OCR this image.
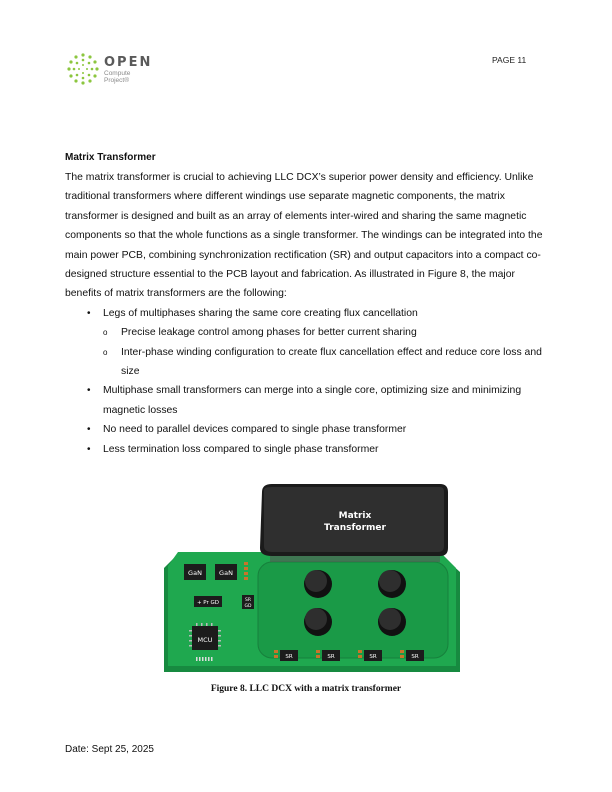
OPEN
Compute
Project®
PAGE 11
Matrix Transformer

The matrix transformer is crucial to achieving LLC DCX’s superior power density and efficiency. Unlike traditional transformers where different windings use separate magnetic components, the matrix transformer is designed and built as an array of elements inter-wired and sharing the same magnetic components so that the whole functions as a single transformer. The windings can be integrated into the main power PCB, combining synchronization rectification (SR) and output capacitors into a compact co-designed structure essential to the PCB layout and fabrication. As illustrated in Figure 8, the major benefits of matrix transformers are the following:

• Legs of multiphases sharing the same core creating flux cancellation
o Precise leakage control among phases for better current sharing
o Inter-phase winding configuration to create flux cancellation effect and reduce core loss and size
• Multiphase small transformers can merge into a single core, optimizing size and minimizing magnetic losses
• No need to parallel devices compared to single phase transformer
• Less termination loss compared to single phase transformer
Matrix
Transformer
GaN	GaN
+ Pr GD	SR
GD
MCU
SR	SR	SR	SR
Figure 8. LLC DCX with a matrix transformer
Date: Sept 25, 2025
